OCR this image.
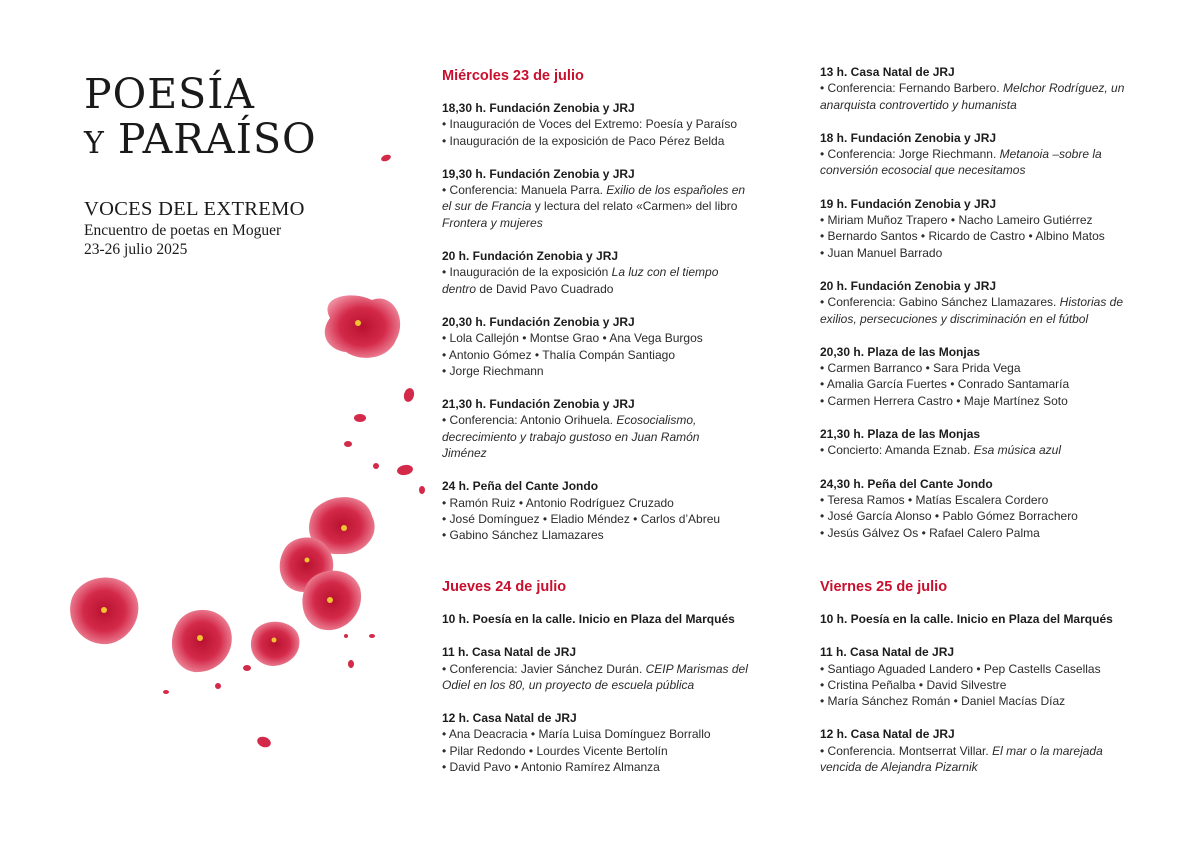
POESÍA
Y PARAÍSO
VOCES DEL EXTREMO
Encuentro de poetas en Moguer
23-26 julio 2025
Miércoles 23 de julio
18,30 h. Fundación Zenobia y JRJ

• Inauguración de Voces del Extremo: Poesía y Paraíso

• Inauguración de la exposición de Paco Pérez Belda

19,30 h. Fundación Zenobia y JRJ

• Conferencia: Manuela Parra. Exilio de los españoles en

el sur de Francia y lectura del relato «Carmen» del libro

Frontera y mujeres

20 h. Fundación Zenobia y JRJ

• Inauguración de la exposición La luz con el tiempo

dentro de David Pavo Cuadrado

20,30 h. Fundación Zenobia y JRJ

• Lola Callejón • Montse Grao • Ana Vega Burgos

• Antonio Gómez • Thalía Compán Santiago

• Jorge Riechmann

21,30 h. Fundación Zenobia y JRJ

• Conferencia: Antonio Orihuela. Ecosocialismo,

decrecimiento y trabajo gustoso en Juan Ramón

Jiménez

24 h. Peña del Cante Jondo

• Ramón Ruiz • Antonio Rodríguez Cruzado

• José Domínguez • Eladio Méndez • Carlos d’Abreu

• Gabino Sánchez Llamazares

13 h. Casa Natal de JRJ

• Conferencia: Fernando Barbero. Melchor Rodríguez, un

anarquista controvertido y humanista

18 h. Fundación Zenobia y JRJ

• Conferencia: Jorge Riechmann. Metanoia –sobre la

conversión ecosocial que necesitamos

19 h. Fundación Zenobia y JRJ

• Miriam Muñoz Trapero • Nacho Lameiro Gutiérrez

• Bernardo Santos • Ricardo de Castro • Albino Matos

• Juan Manuel Barrado

20 h. Fundación Zenobia y JRJ

• Conferencia: Gabino Sánchez Llamazares. Historias de

exilios, persecuciones y discriminación en el fútbol

20,30 h. Plaza de las Monjas

• Carmen Barranco • Sara Prida Vega

• Amalia García Fuertes • Conrado Santamaría

• Carmen Herrera Castro • Maje Martínez Soto

21,30 h. Plaza de las Monjas

• Concierto: Amanda Eznab. Esa música azul

24,30 h. Peña del Cante Jondo

• Teresa Ramos • Matías Escalera Cordero

• José García Alonso • Pablo Gómez Borrachero

• Jesús Gálvez Os • Rafael Calero Palma

Jueves 24 de julio
10 h. Poesía en la calle. Inicio en Plaza del Marqués
11 h. Casa Natal de JRJ

• Conferencia: Javier Sánchez Durán. CEIP Marismas del

Odiel en los 80, un proyecto de escuela pública

12 h. Casa Natal de JRJ

• Ana Deacracia • María Luisa Domínguez Borrallo

• Pilar Redondo • Lourdes Vicente Bertolín

• David Pavo • Antonio Ramírez Almanza

Viernes 25 de julio
10 h. Poesía en la calle. Inicio en Plaza del Marqués
11 h. Casa Natal de JRJ

• Santiago Aguaded Landero • Pep Castells Casellas

• Cristina Peñalba • David Silvestre

• María Sánchez Román • Daniel Macías Díaz

12 h. Casa Natal de JRJ

• Conferencia. Montserrat Villar. El mar o la marejada

vencida de Alejandra Pizarnik
